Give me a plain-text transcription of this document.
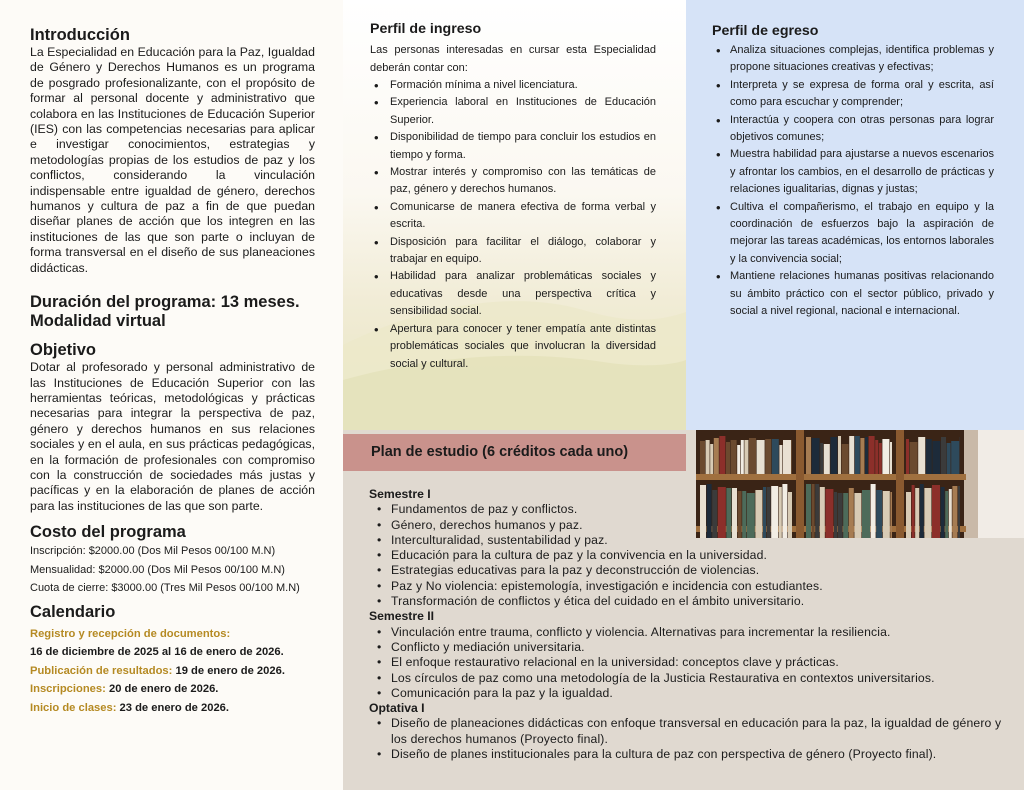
Introducción

La Especialidad en Educación para la Paz, Igualdad de Género y Derechos Humanos es un programa de posgrado profesionalizante, con el propósito de formar al personal docente y administrativo que colabora en las Instituciones de Educación Superior (IES) con las competencias necesarias para aplicar e investigar conocimientos, estrategias y metodologías propias de los estudios de paz y los conflictos, considerando la vinculación indispensable entre igualdad de género, derechos humanos y cultura de paz a fin de que puedan diseñar planes de acción que los integren en las instituciones de las que son parte o incluyan de forma transversal en el diseño de sus planeaciones didácticas.

Duración del programa: 13 meses.
Modalidad virtual
Objetivo

Dotar al profesorado y personal administrativo de las Instituciones de Educación Superior con las herramientas teóricas, metodológicas y prácticas necesarias para integrar la perspectiva de paz, género y derechos humanos en sus relaciones sociales y en el aula, en sus prácticas pedagógicas, en la formación de profesionales con compromiso con la construcción de sociedades más justas y pacíficas y en la elaboración de planes de acción para las instituciones de las que son parte.

Costo del programa
Inscripción: $2000.00 (Dos Mil Pesos 00/100 M.N)
Mensualidad: $2000.00 (Dos Mil Pesos 00/100 M.N)
Cuota de cierre: $3000.00 (Tres Mil Pesos 00/100 M.N)
Calendario
Registro y recepción de documentos:
16 de diciembre de 2025 al 16 de enero de 2026.
Publicación de resultados: 19 de enero de 2026.
Inscripciones: 20 de enero de 2026.
Inicio de clases: 23 de enero de 2026.
Perfil de ingreso

Las personas interesadas en cursar esta Especialidad deberán contar con:

• Formación mínima a nivel licenciatura.
• Experiencia laboral en Instituciones de Educación Superior.
• Disponibilidad de tiempo para concluir los estudios en tiempo y forma.
• Mostrar interés y compromiso con las temáticas de paz, género y derechos humanos.
• Comunicarse de manera efectiva de forma verbal y escrita.
• Disposición para facilitar el diálogo, colaborar y trabajar en equipo.
• Habilidad para analizar problemáticas sociales y educativas desde una perspectiva crítica y sensibilidad social.
• Apertura para conocer y tener empatía ante distintas problemáticas sociales que involucran la diversidad social y cultural.
Perfil de egreso
• Analiza situaciones complejas, identifica problemas y propone situaciones creativas y efectivas;
• Interpreta y se expresa de forma oral y escrita, así como para escuchar y comprender;
• Interactúa y coopera con otras personas para lograr objetivos comunes;
• Muestra habilidad para ajustarse a nuevos escenarios y afrontar los cambios, en el desarrollo de prácticas y relaciones igualitarias, dignas y justas;
• Cultiva el compañerismo, el trabajo en equipo y la coordinación de esfuerzos bajo la aspiración de mejorar las tareas académicas, los entornos laborales y la convivencia social;
• Mantiene relaciones humanas positivas relacionando su ámbito práctico con el sector público, privado y social a nivel regional, nacional e internacional.
Plan de estudio (6 créditos cada uno)
Semestre I
• Fundamentos de paz y conflictos.
• Género, derechos humanos y paz.
• Interculturalidad, sustentabilidad y paz.
• Educación para la cultura de paz y la convivencia en la universidad.
• Estrategias educativas para la paz y deconstrucción de violencias.
• Paz y No violencia: epistemología, investigación e incidencia con estudiantes.
• Transformación de conflictos y ética del cuidado en el ámbito universitario.
Semestre II
• Vinculación entre trauma, conflicto y violencia. Alternativas para incrementar la resiliencia.
• Conflicto y mediación universitaria.
• El enfoque restaurativo relacional en la universidad: conceptos clave y prácticas.
• Los círculos de paz como una metodología de la Justicia Restaurativa en contextos universitarios.
• Comunicación para la paz y la igualdad.
Optativa I
• Diseño de planeaciones didácticas con enfoque transversal en educación para la paz, la igualdad de género y los derechos humanos (Proyecto final).
• Diseño de planes institucionales para la cultura de paz con perspectiva de género (Proyecto final).
